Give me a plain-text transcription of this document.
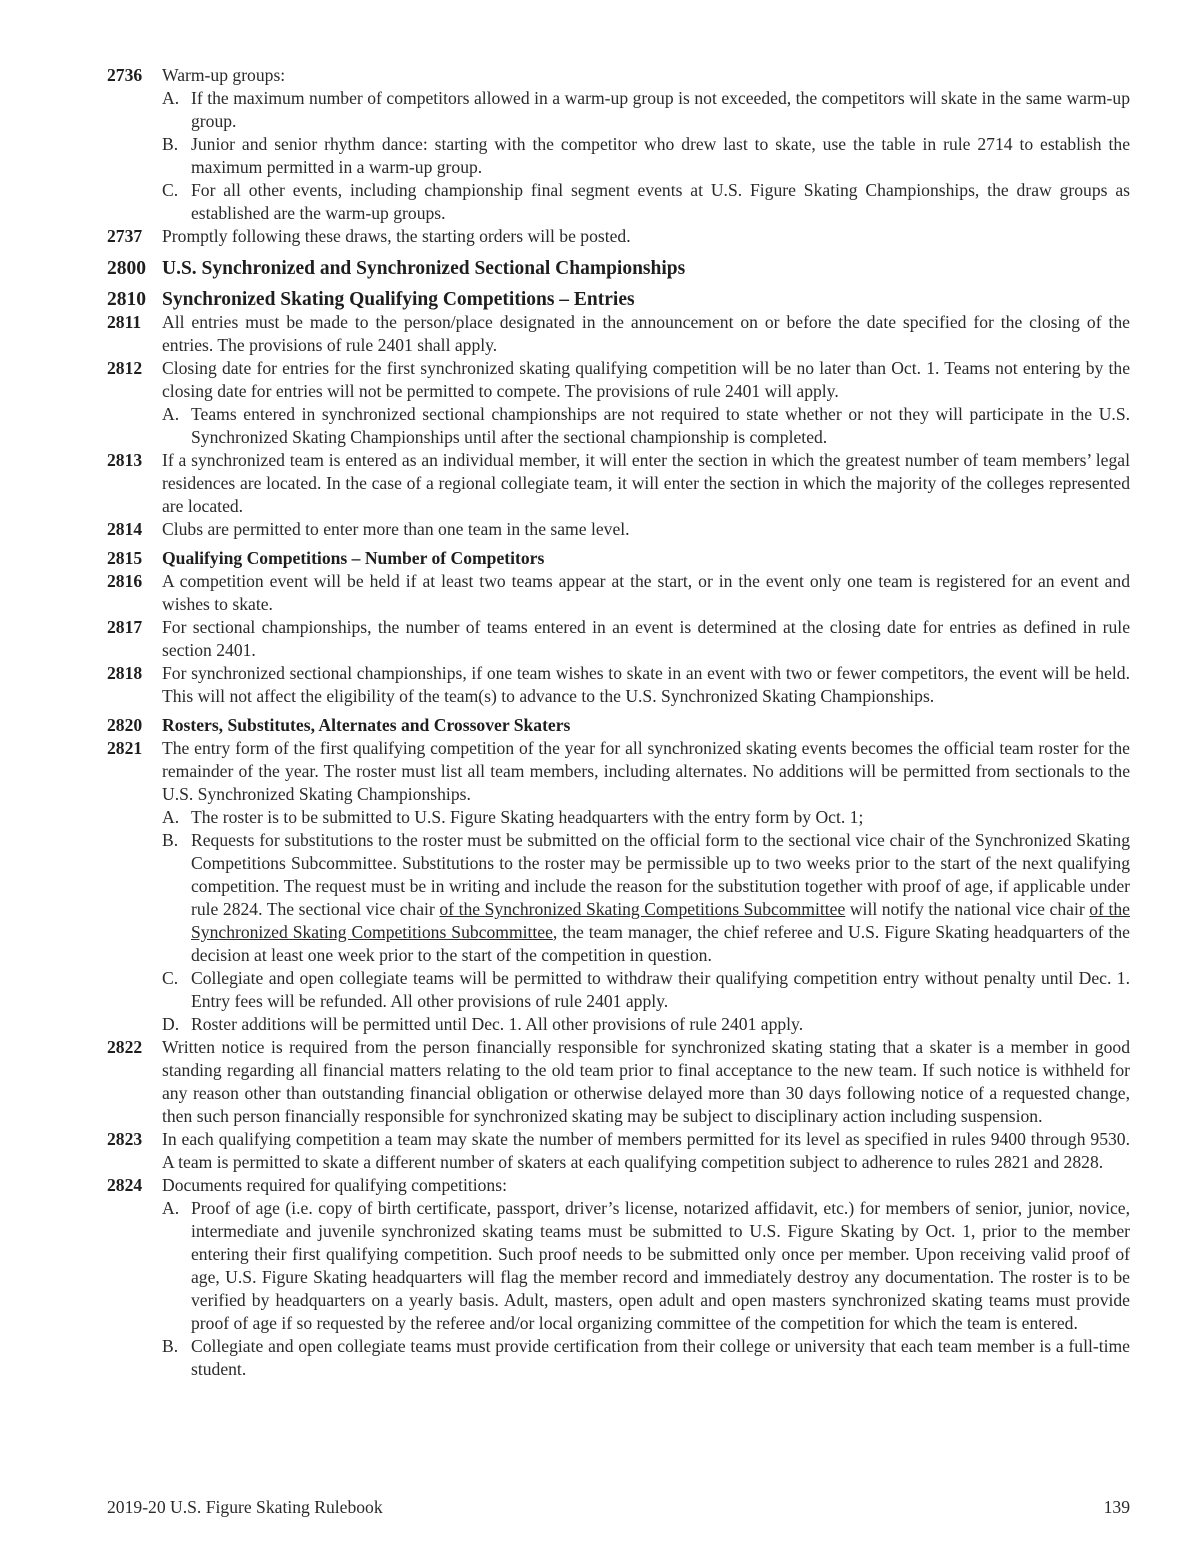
2736	Warm-up groups:
A. If the maximum number of competitors allowed in a warm-up group is not exceeded, the competitors will skate in the same warm-up group.
B. Junior and senior rhythm dance: starting with the competitor who drew last to skate, use the table in rule 2714 to establish the maximum permitted in a warm-up group.
C. For all other events, including championship final segment events at U.S. Figure Skating Championships, the draw groups as established are the warm-up groups.
2737	Promptly following these draws, the starting orders will be posted.
2800 U.S. Synchronized and Synchronized Sectional Championships
2810 Synchronized Skating Qualifying Competitions – Entries
2811	All entries must be made to the person/place designated in the announcement on or before the date specified for the closing of the entries. The provisions of rule 2401 shall apply.
2812	Closing date for entries for the first synchronized skating qualifying competition will be no later than Oct. 1. Teams not entering by the closing date for entries will not be permitted to compete. The provisions of rule 2401 will apply.
A. Teams entered in synchronized sectional championships are not required to state whether or not they will participate in the U.S. Synchronized Skating Championships until after the sectional championship is completed.
2813	If a synchronized team is entered as an individual member, it will enter the section in which the greatest number of team members’ legal residences are located. In the case of a regional collegiate team, it will enter the section in which the majority of the colleges represented are located.
2814	Clubs are permitted to enter more than one team in the same level.
2815	Qualifying Competitions – Number of Competitors
2816	A competition event will be held if at least two teams appear at the start, or in the event only one team is registered for an event and wishes to skate.
2817	For sectional championships, the number of teams entered in an event is determined at the closing date for entries as defined in rule section 2401.
2818	For synchronized sectional championships, if one team wishes to skate in an event with two or fewer competitors, the event will be held. This will not affect the eligibility of the team(s) to advance to the U.S. Synchronized Skating Championships.
2820	Rosters, Substitutes, Alternates and Crossover Skaters
2821	The entry form of the first qualifying competition of the year for all synchronized skating events becomes the official team roster for the remainder of the year. The roster must list all team members, including alternates. No additions will be permitted from sectionals to the U.S. Synchronized Skating Championships.
A. The roster is to be submitted to U.S. Figure Skating headquarters with the entry form by Oct. 1;
B. Requests for substitutions to the roster must be submitted on the official form to the sectional vice chair of the Synchronized Skating Competitions Subcommittee. Substitutions to the roster may be permissible up to two weeks prior to the start of the next qualifying competition. The request must be in writing and include the reason for the substitution together with proof of age, if applicable under rule 2824. The sectional vice chair of the Synchronized Skating Competitions Subcommittee will notify the national vice chair of the Synchronized Skating Competitions Subcommittee, the team manager, the chief referee and U.S. Figure Skating headquarters of the decision at least one week prior to the start of the competition in question.
C. Collegiate and open collegiate teams will be permitted to withdraw their qualifying competition entry without penalty until Dec. 1. Entry fees will be refunded. All other provisions of rule 2401 apply.
D. Roster additions will be permitted until Dec. 1. All other provisions of rule 2401 apply.
2822	Written notice is required from the person financially responsible for synchronized skating stating that a skater is a member in good standing regarding all financial matters relating to the old team prior to final acceptance to the new team. If such notice is withheld for any reason other than outstanding financial obligation or otherwise delayed more than 30 days following notice of a requested change, then such person financially responsible for synchronized skating may be subject to disciplinary action including suspension.
2823	In each qualifying competition a team may skate the number of members permitted for its level as specified in rules 9400 through 9530. A team is permitted to skate a different number of skaters at each qualifying competition subject to adherence to rules 2821 and 2828.
2824	Documents required for qualifying competitions:
A. Proof of age (i.e. copy of birth certificate, passport, driver’s license, notarized affidavit, etc.) for members of senior, junior, novice, intermediate and juvenile synchronized skating teams must be submitted to U.S. Figure Skating by Oct. 1, prior to the member entering their first qualifying competition. Such proof needs to be submitted only once per member. Upon receiving valid proof of age, U.S. Figure Skating headquarters will flag the member record and immediately destroy any documentation. The roster is to be verified by headquarters on a yearly basis. Adult, masters, open adult and open masters synchronized skating teams must provide proof of age if so requested by the referee and/or local organizing committee of the competition for which the team is entered.
B. Collegiate and open collegiate teams must provide certification from their college or university that each team member is a full-time student.
2019-20 U.S. Figure Skating Rulebook	139
